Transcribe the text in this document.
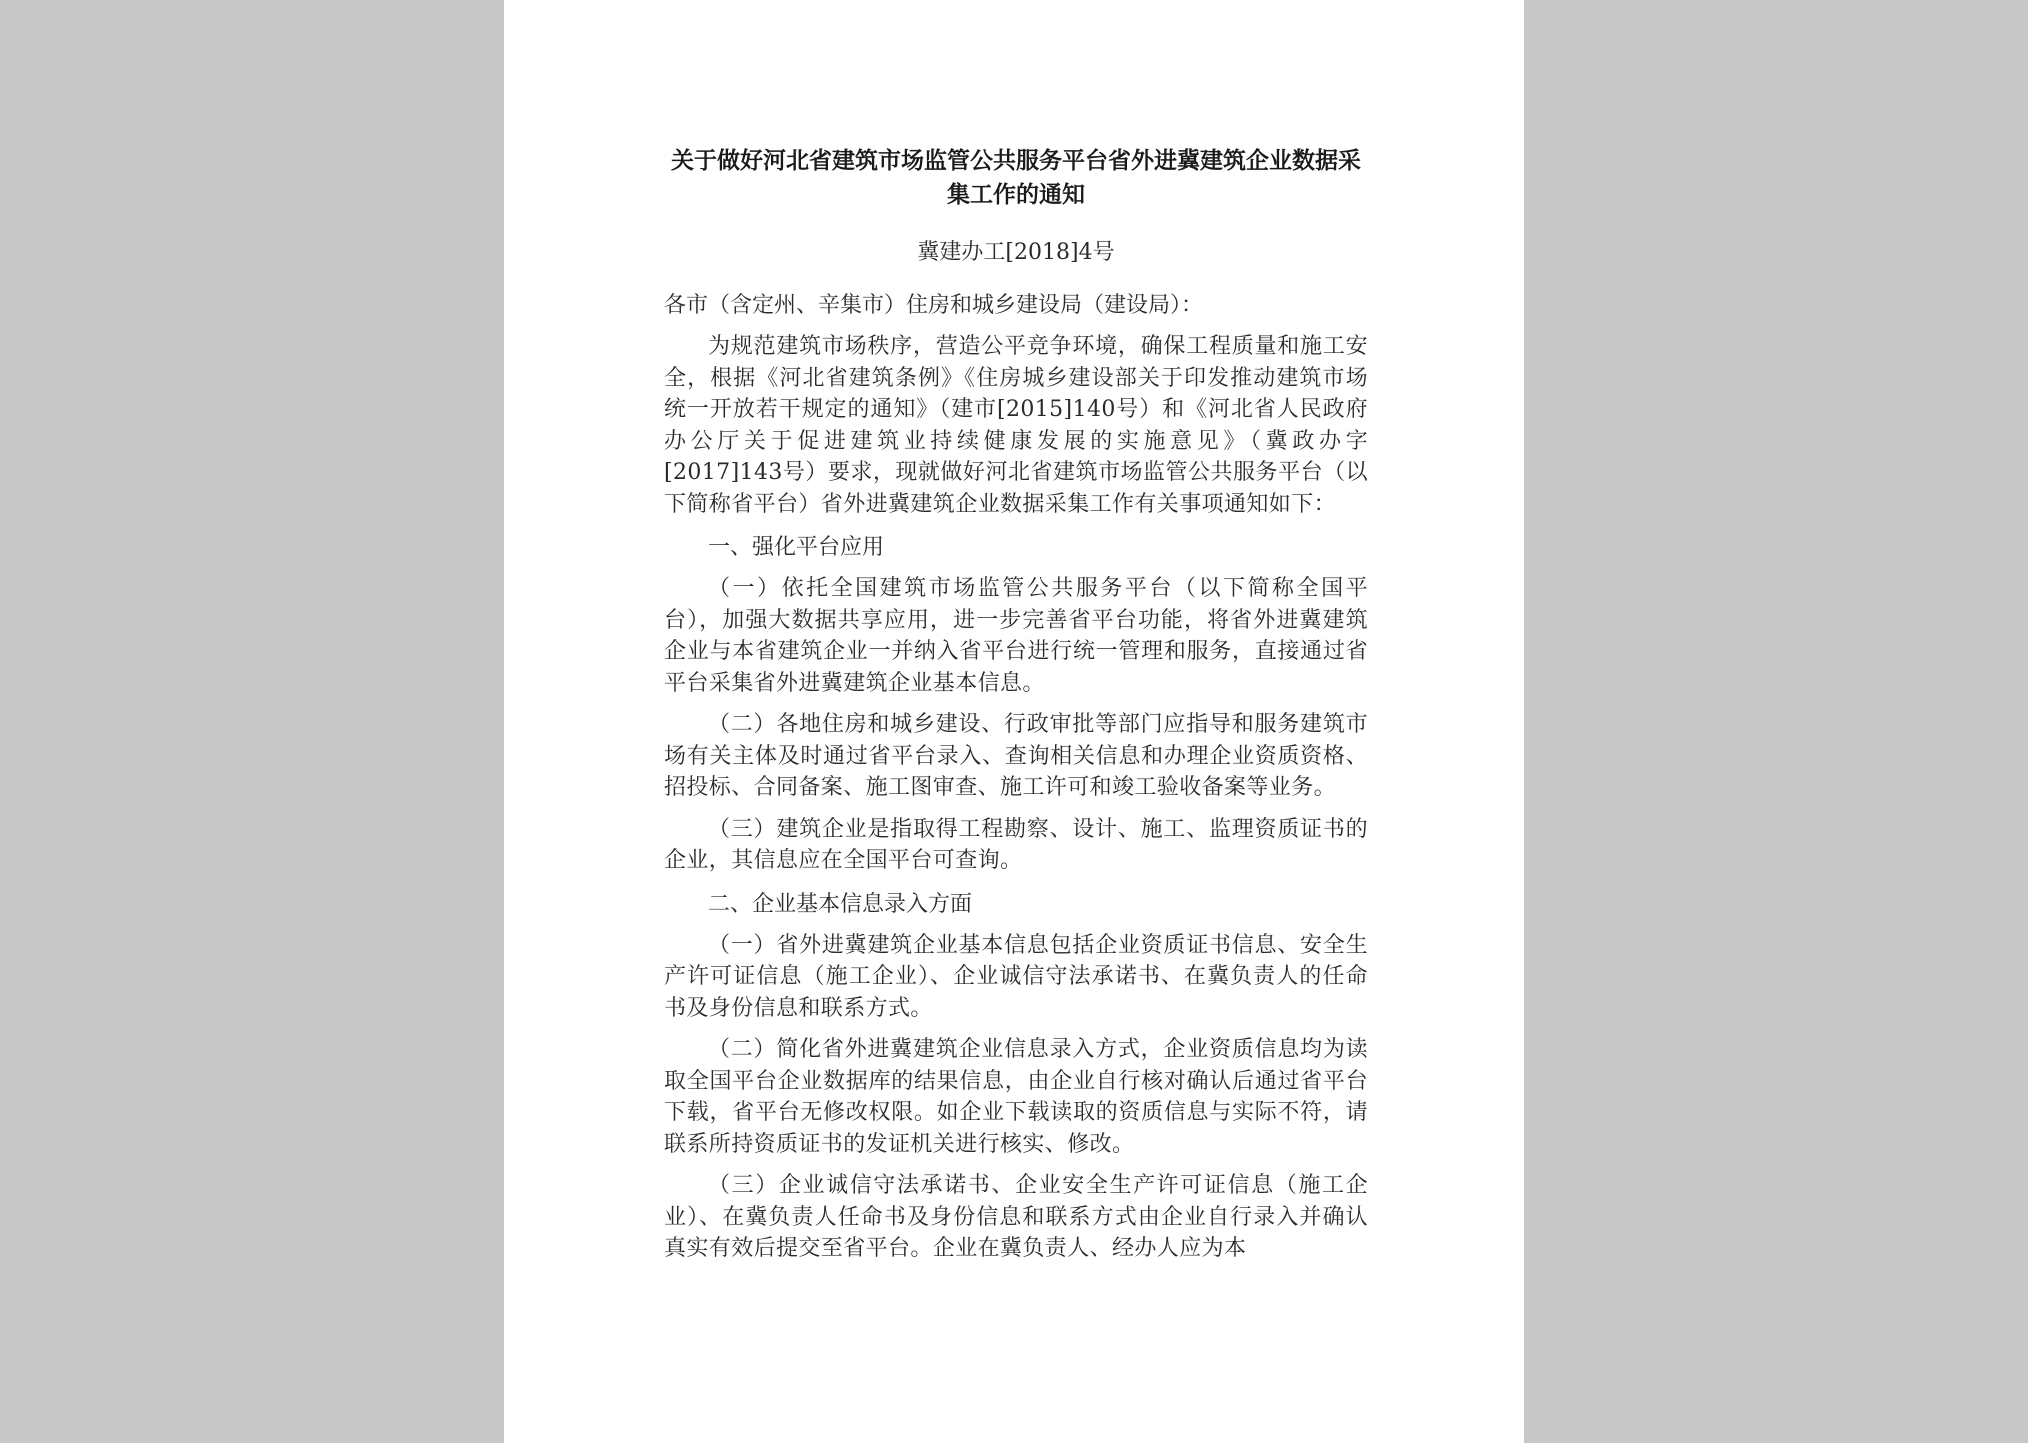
关于做好河北省建筑市场监管公共服务平台省外进冀建筑企业数据采集工作的通知

冀建办工[2018]4号

各市（含定州、辛集市）住房和城乡建设局（建设局）：

为规范建筑市场秩序，营造公平竞争环境，确保工程质量和施工安全，根据《河北省建筑条例》《住房城乡建设部关于印发推动建筑市场统一开放若干规定的通知》（建市[2015]140号）和《河北省人民政府办公厅关于促进建筑业持续健康发展的实施意见》（冀政办字[2017]143号）要求，现就做好河北省建筑市场监管公共服务平台（以下简称省平台）省外进冀建筑企业数据采集工作有关事项通知如下：

一、强化平台应用

（一）依托全国建筑市场监管公共服务平台（以下简称全国平台），加强大数据共享应用，进一步完善省平台功能，将省外进冀建筑企业与本省建筑企业一并纳入省平台进行统一管理和服务，直接通过省平台采集省外进冀建筑企业基本信息。

（二）各地住房和城乡建设、行政审批等部门应指导和服务建筑市场有关主体及时通过省平台录入、查询相关信息和办理企业资质资格、招投标、合同备案、施工图审查、施工许可和竣工验收备案等业务。

（三）建筑企业是指取得工程勘察、设计、施工、监理资质证书的企业，其信息应在全国平台可查询。

二、企业基本信息录入方面

（一）省外进冀建筑企业基本信息包括企业资质证书信息、安全生产许可证信息（施工企业）、企业诚信守法承诺书、在冀负责人的任命书及身份信息和联系方式。

（二）简化省外进冀建筑企业信息录入方式，企业资质信息均为读取全国平台企业数据库的结果信息，由企业自行核对确认后通过省平台下载，省平台无修改权限。如企业下载读取的资质信息与实际不符，请联系所持资质证书的发证机关进行核实、修改。

（三）企业诚信守法承诺书、企业安全生产许可证信息（施工企业）、在冀负责人任命书及身份信息和联系方式由企业自行录入并确认真实有效后提交至省平台。企业在冀负责人、经办人应为本
